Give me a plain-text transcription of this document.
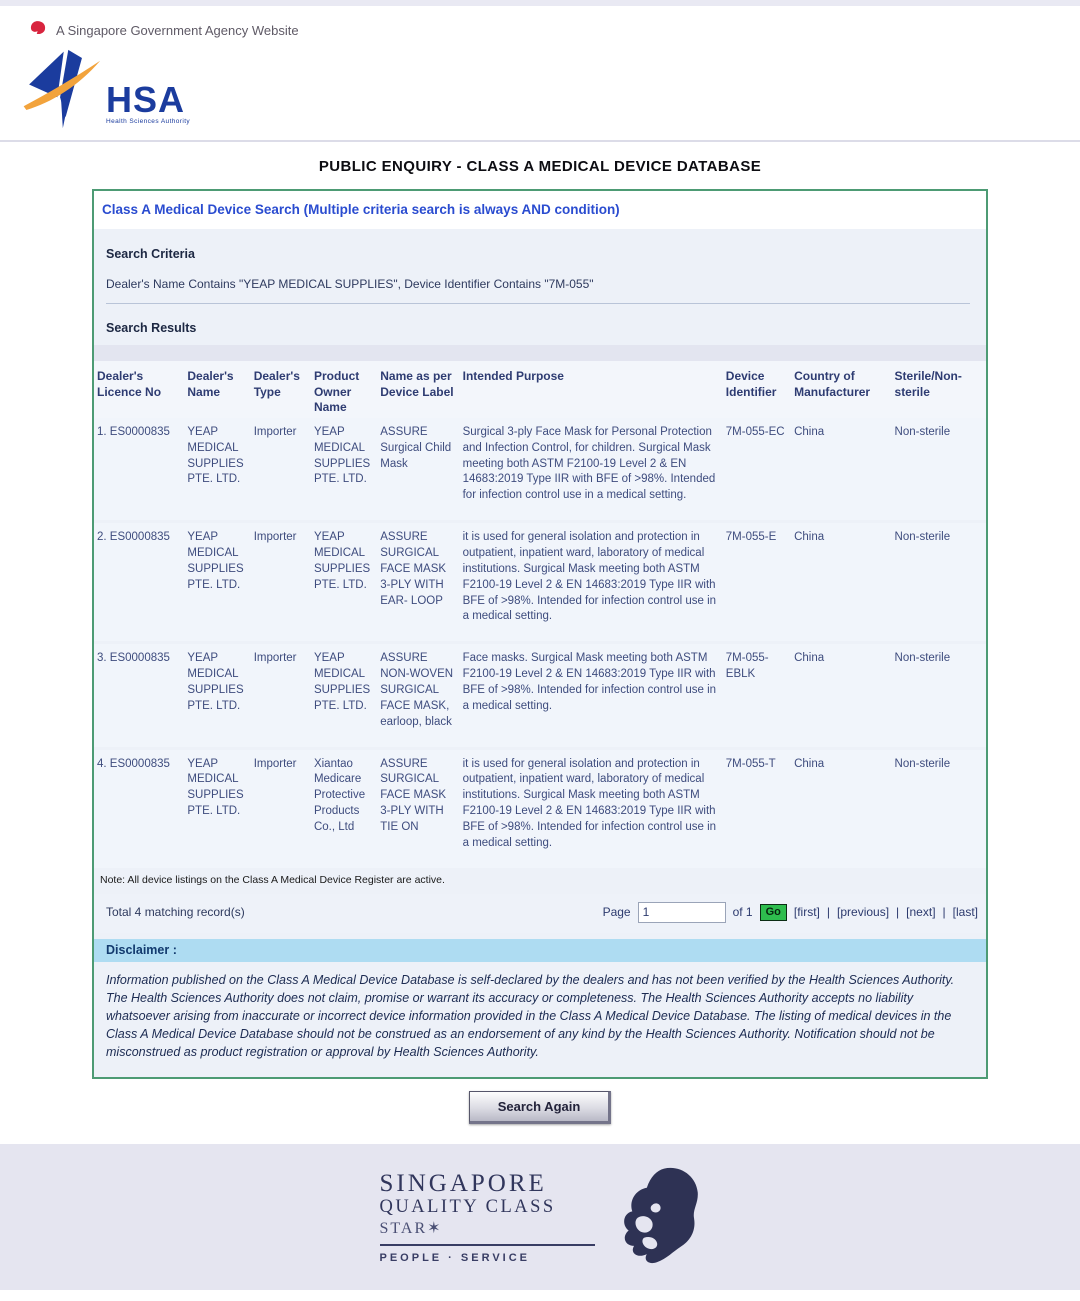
A Singapore Government Agency Website
HSA
Health Sciences Authority
PUBLIC ENQUIRY - CLASS A MEDICAL DEVICE DATABASE
Class A Medical Device Search (Multiple criteria search is always AND condition)
Search Criteria
Dealer's Name Contains "YEAP MEDICAL SUPPLIES", Device Identifier Contains "7M-055"
Search Results
Dealer's Licence No	Dealer's Name	Dealer's Type	Product Owner Name	Name as per Device Label	Intended Purpose	Device Identifier	Country of Manufacturer	Sterile/Non-sterile
1. ES0000835	YEAP MEDICAL SUPPLIES PTE. LTD.	Importer	YEAP MEDICAL SUPPLIES PTE. LTD.	ASSURE Surgical Child Mask	Surgical 3-ply Face Mask for Personal Protection and Infection Control, for children. Surgical Mask meeting both ASTM F2100-19 Level 2 & EN 14683:2019 Type IIR with BFE of >98%. Intended for infection control use in a medical setting.	7M-055-EC	China	Non-sterile
2. ES0000835	YEAP MEDICAL SUPPLIES PTE. LTD.	Importer	YEAP MEDICAL SUPPLIES PTE. LTD.	ASSURE SURGICAL FACE MASK 3-PLY WITH EAR- LOOP	it is used for general isolation and protection in outpatient, inpatient ward, laboratory of medical institutions. Surgical Mask meeting both ASTM F2100-19 Level 2 & EN 14683:2019 Type IIR with BFE of >98%. Intended for infection control use in a medical setting.	7M-055-E	China	Non-sterile
3. ES0000835	YEAP MEDICAL SUPPLIES PTE. LTD.	Importer	YEAP MEDICAL SUPPLIES PTE. LTD.	ASSURE NON-WOVEN SURGICAL FACE MASK, earloop, black	Face masks. Surgical Mask meeting both ASTM F2100-19 Level 2 & EN 14683:2019 Type IIR with BFE of >98%. Intended for infection control use in a medical setting.	7M-055-EBLK	China	Non-sterile
4. ES0000835	YEAP MEDICAL SUPPLIES PTE. LTD.	Importer	Xiantao Medicare Protective Products Co., Ltd	ASSURE SURGICAL FACE MASK 3-PLY WITH TIE ON	it is used for general isolation and protection in outpatient, inpatient ward, laboratory of medical institutions. Surgical Mask meeting both ASTM F2100-19 Level 2 & EN 14683:2019 Type IIR with BFE of >98%. Intended for infection control use in a medical setting.	7M-055-T	China	Non-sterile
Note: All device listings on the Class A Medical Device Register are active.
Total 4 matching record(s)	Page
1	of 1	Go	[first] | [previous] | [next] | [last]
Disclaimer :
Information published on the Class A Medical Device Database is self-declared by the dealers and has not been verified by the Health Sciences Authority. The Health Sciences Authority does not claim, promise or warrant its accuracy or completeness. The Health Sciences Authority accepts no liability whatsoever arising from inaccurate or incorrect device information provided in the Class A Medical Device Database. The listing of medical devices in the Class A Medical Device Database should not be construed as an endorsement of any kind by the Health Sciences Authority. Notification should not be misconstrued as product registration or approval by Health Sciences Authority.
Search Again
SINGAPORE
QUALITY CLASS
STAR✶
PEOPLE · SERVICE
